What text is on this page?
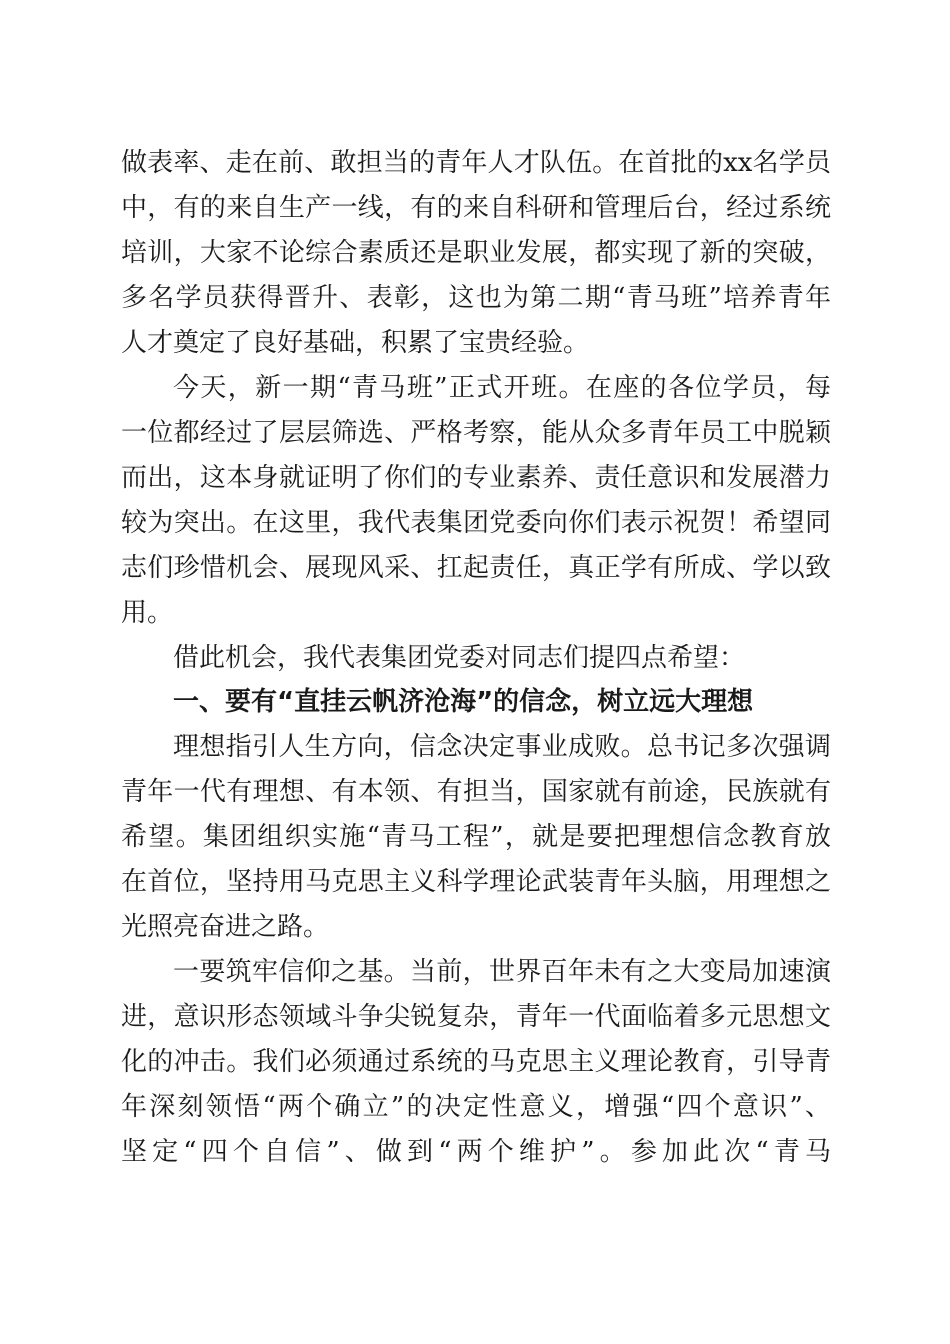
做表率、走在前、敢担当的青年人才队伍。在首批的xx名学员
中，有的来自生产一线，有的来自科研和管理后台，经过系统
培训，大家不论综合素质还是职业发展，都实现了新的突破，
多名学员获得晋升、表彰，这也为第二期“青马班”培养青年
人才奠定了良好基础，积累了宝贵经验。
今天，新一期“青马班”正式开班。在座的各位学员，每
一位都经过了层层筛选、严格考察，能从众多青年员工中脱颖
而出，这本身就证明了你们的专业素养、责任意识和发展潜力
较为突出。在这里，我代表集团党委向你们表示祝贺！希望同
志们珍惜机会、展现风采、扛起责任，真正学有所成、学以致
用。
借此机会，我代表集团党委对同志们提四点希望：
一、要有“直挂云帆济沧海”的信念，树立远大理想
理想指引人生方向，信念决定事业成败。总书记多次强调
青年一代有理想、有本领、有担当，国家就有前途，民族就有
希望。集团组织实施“青马工程”，就是要把理想信念教育放
在首位，坚持用马克思主义科学理论武装青年头脑，用理想之
光照亮奋进之路。
一要筑牢信仰之基。当前，世界百年未有之大变局加速演
进，意识形态领域斗争尖锐复杂，青年一代面临着多元思想文
化的冲击。我们必须通过系统的马克思主义理论教育，引导青
年深刻领悟“两个确立”的决定性意义，增强“四个意识”、
坚定“四个自信”、做到“两个维护”。参加此次“青马
